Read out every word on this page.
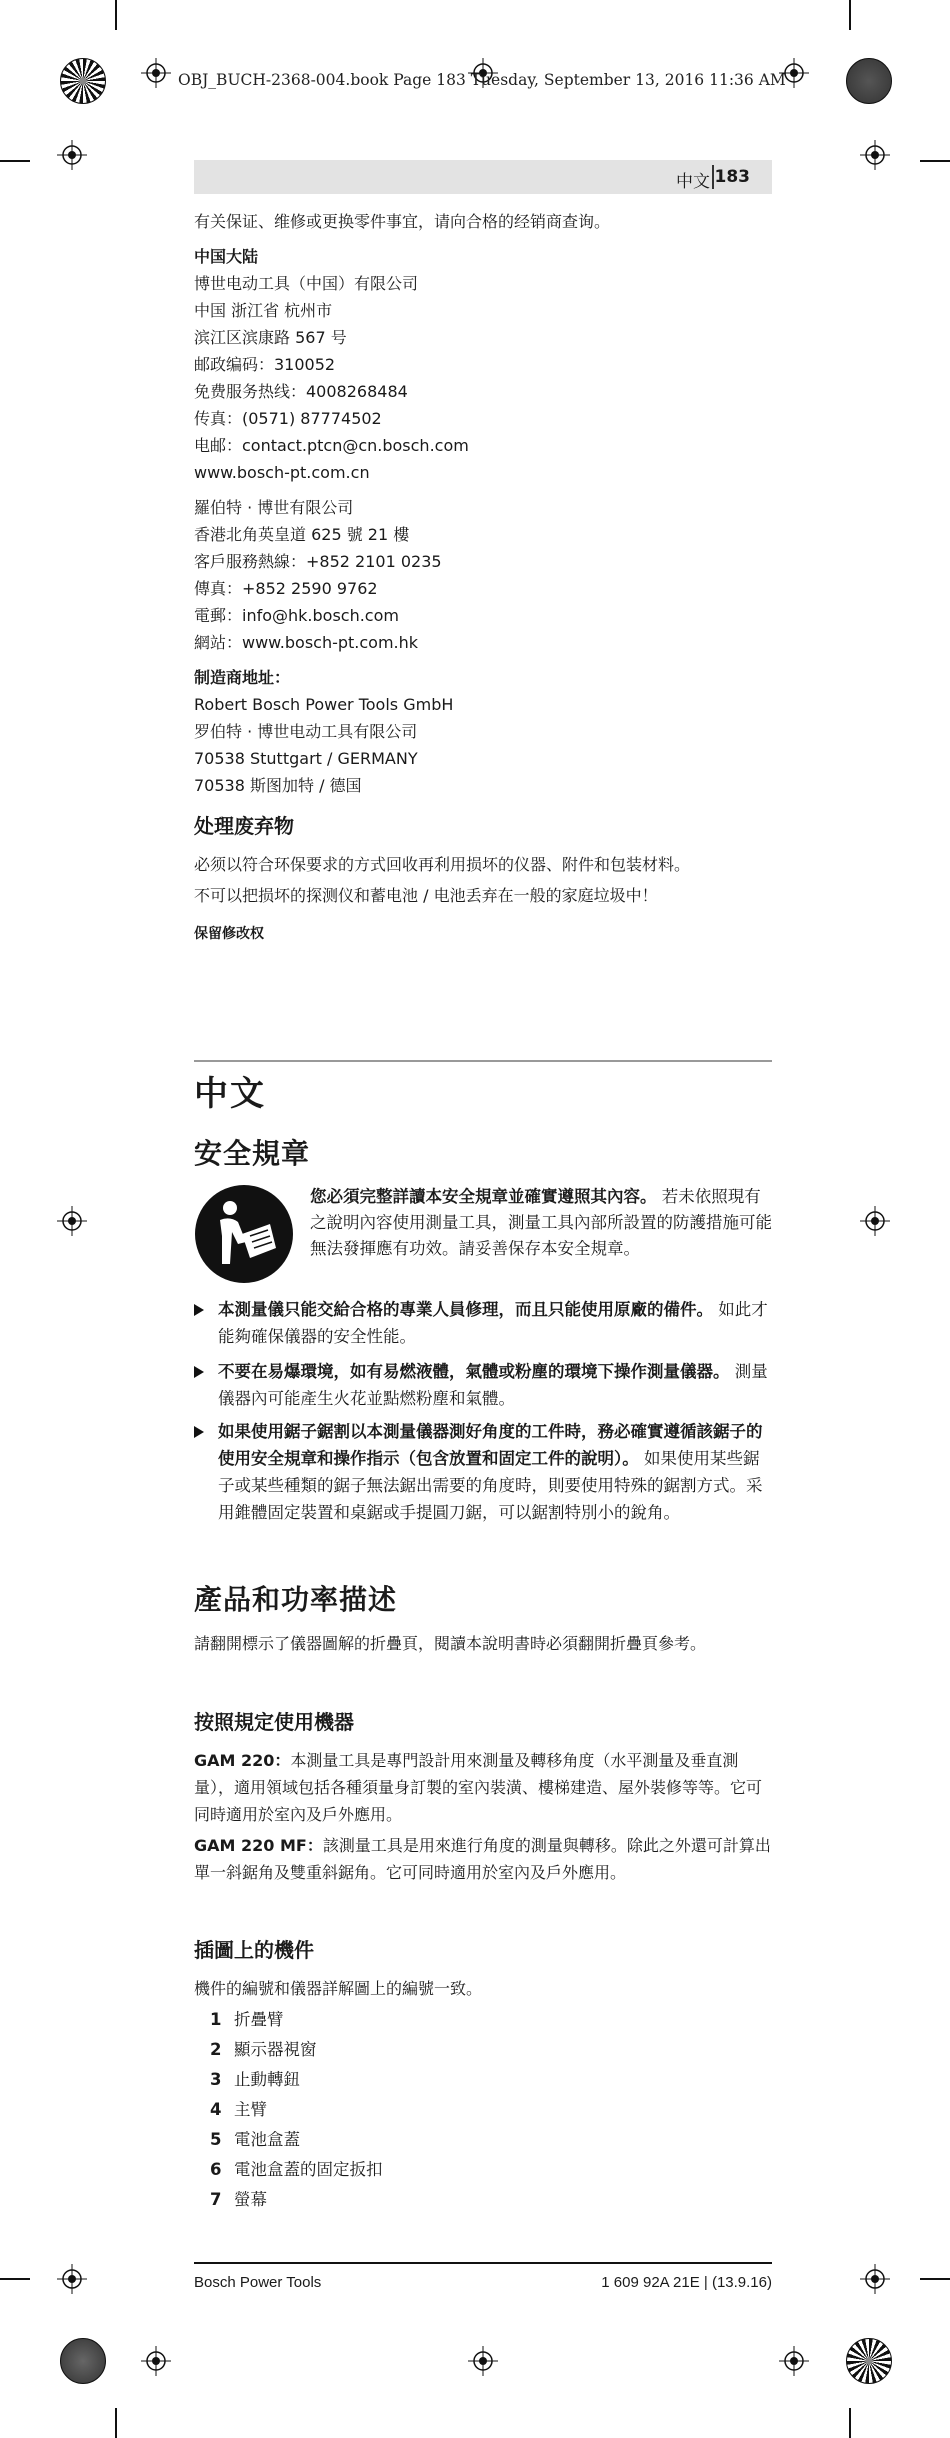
OBJ_BUCH-2368-004.book Page 183 Tuesday, September 13, 2016 11:36 AM
中文 183

有关保证、维修或更换零件事宜，请向合格的经销商查询。

中国大陆

博世电动工具（中国）有限公司

中国 浙江省 杭州市

滨江区滨康路 567 号

邮政编码：310052

免费服务热线：4008268484

传真：(0571) 87774502

电邮：contact.ptcn@cn.bosch.com

www.bosch-pt.com.cn

羅伯特 · 博世有限公司

香港北角英皇道 625 號 21 樓

客戶服務熱線：+852 2101 0235

傳真：+852 2590 9762

電郵：info@hk.bosch.com

網站：www.bosch-pt.com.hk

制造商地址：

Robert Bosch Power Tools GmbH

罗伯特 · 博世电动工具有限公司

70538 Stuttgart / GERMANY

70538 斯图加特 / 德国

处理废弃物

必须以符合环保要求的方式回收再利用损坏的仪器、附件和包装材料。

不可以把损坏的探测仪和蓄电池 / 电池丢弃在一般的家庭垃圾中！

保留修改权

中文

安全規章

您必須完整詳讀本安全規章並確實遵照其內容。 若未依照現有之說明內容使用測量工具，測量工具內部所設置的防護措施可能無法發揮應有功效。請妥善保存本安全規章。
本測量儀只能交給合格的專業人員修理，而且只能使用原廠的備件。 如此才能夠確保儀器的安全性能。
不要在易爆環境，如有易燃液體，氣體或粉塵的環境下操作測量儀器。 測量儀器內可能產生火花並點燃粉塵和氣體。
如果使用鋸子鋸割以本測量儀器測好角度的工件時，務必確實遵循該鋸子的使用安全規章和操作指示（包含放置和固定工件的說明）。 如果使用某些鋸子或某些種類的鋸子無法鋸出需要的角度時，則要使用特殊的鋸割方式。采用錐體固定裝置和桌鋸或手提圓刀鋸，可以鋸割特別小的銳角。

產品和功率描述

請翻開標示了儀器圖解的折疊頁，閱讀本說明書時必須翻開折疊頁參考。

按照規定使用機器

GAM 220：本測量工具是專門設計用來測量及轉移角度（水平測量及垂直測量），適用領域包括各種須量身訂製的室內裝潢、樓梯建造、屋外裝修等等。它可同時適用於室內及戶外應用。

GAM 220 MF：該測量工具是用來進行角度的測量與轉移。除此之外還可計算出單一斜鋸角及雙重斜鋸角。它可同時適用於室內及戶外應用。

插圖上的機件

機件的編號和儀器詳解圖上的編號一致。

1 折疊臂
2 顯示器視窗
3 止動轉鈕
4 主臂
5 電池盒蓋
6 電池盒蓋的固定扳扣
7 螢幕
Bosch Power Tools	1 609 92A 21E | (13.9.16)
